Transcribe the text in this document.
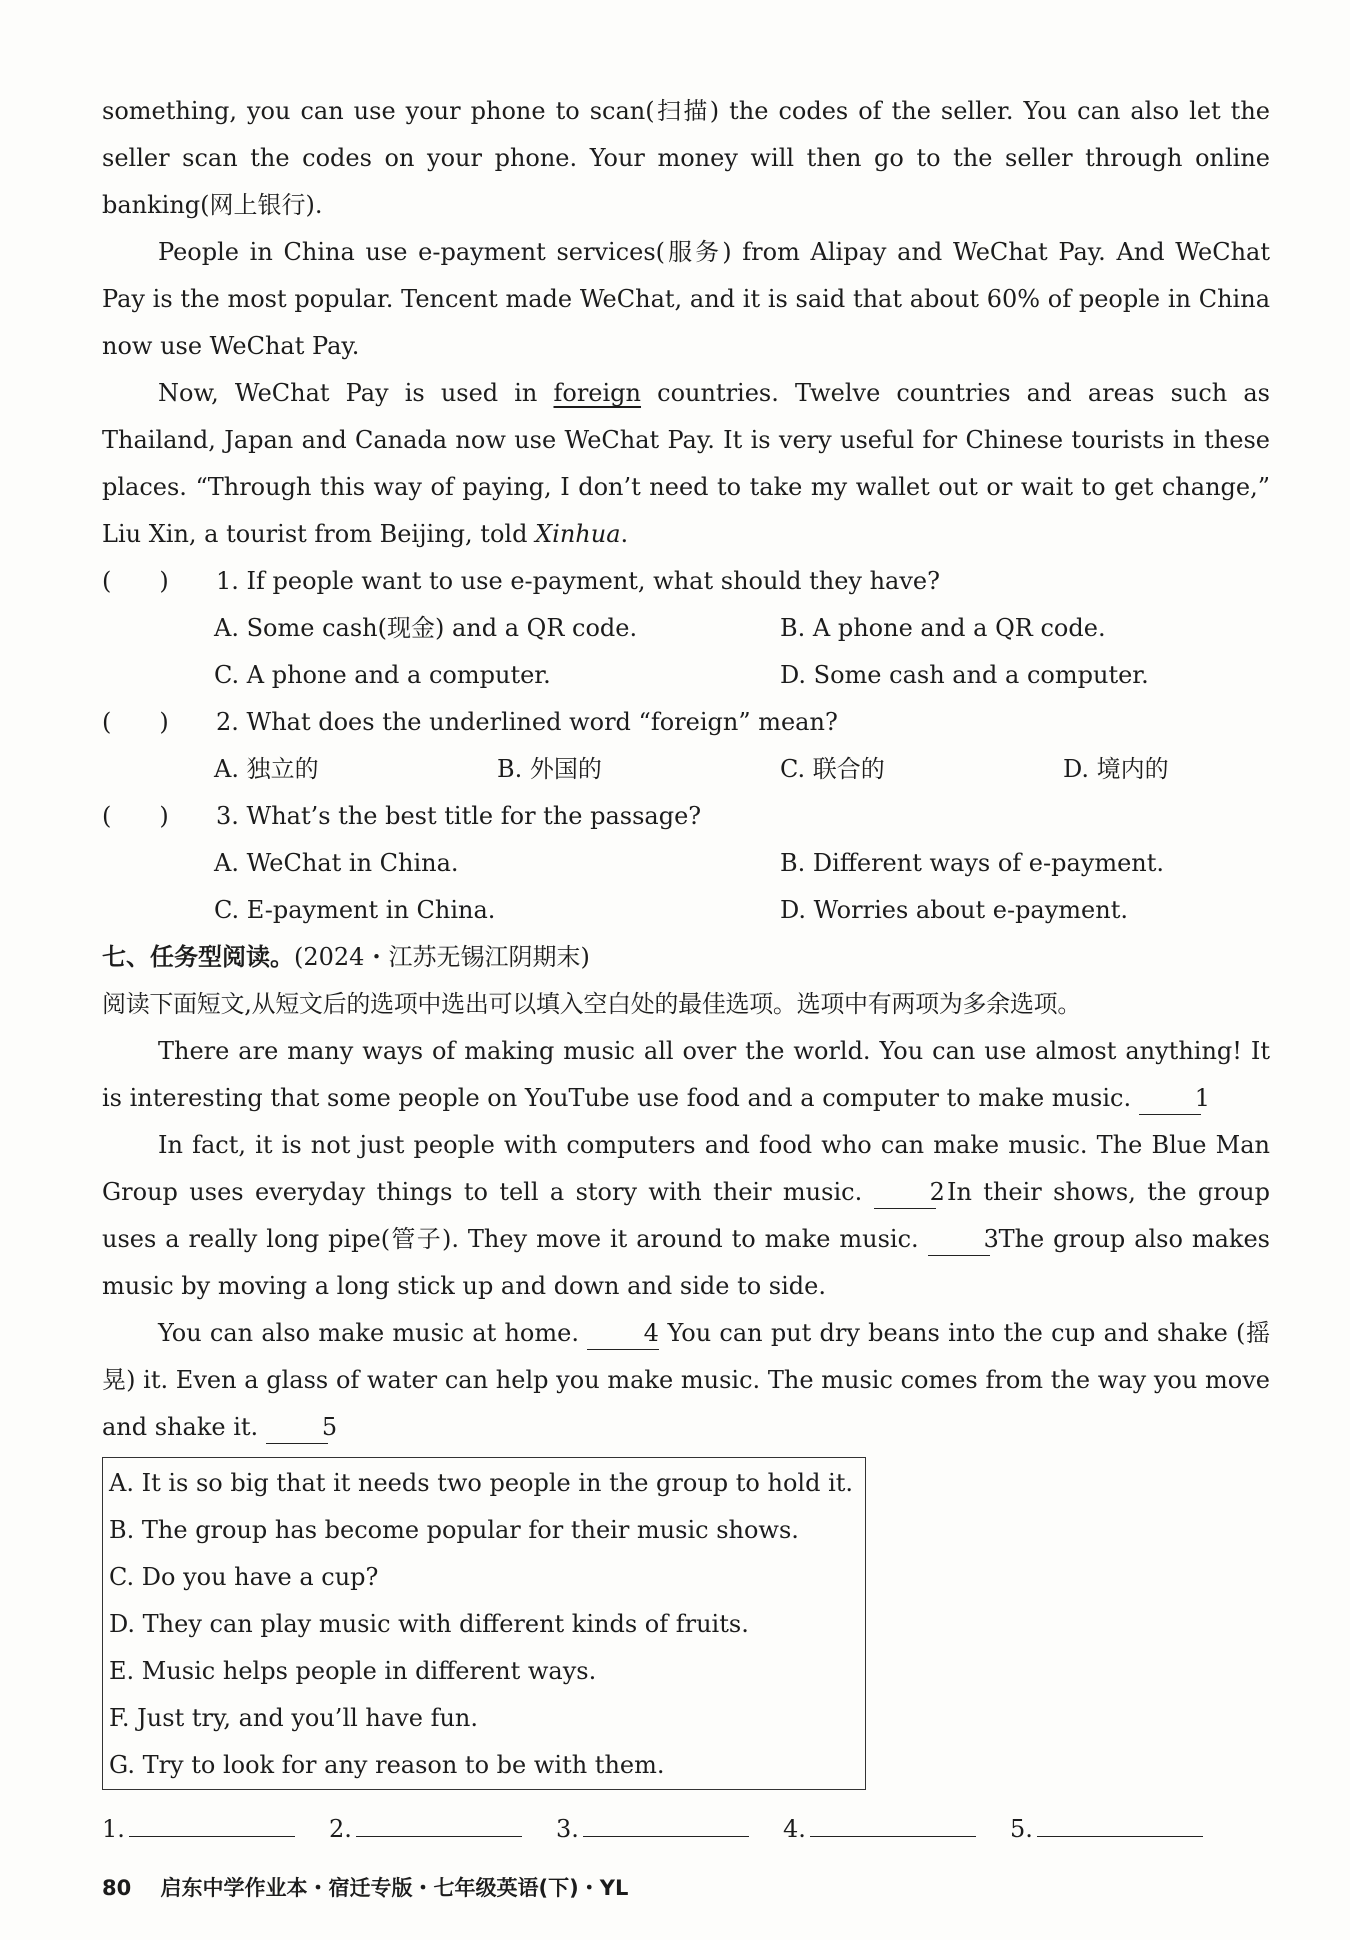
something, you can use your phone to scan(扫描) the codes of the seller. You can also let the seller scan the codes on your phone. Your money will then go to the seller through online banking(网上银行).

People in China use e-payment services(服务) from Alipay and WeChat Pay. And WeChat Pay is the most popular. Tencent made WeChat, and it is said that about 60% of people in China now use WeChat Pay.

Now, WeChat Pay is used in foreign countries. Twelve countries and areas such as Thailand, Japan and Canada now use WeChat Pay. It is very useful for Chinese tourists in these places. “Through this way of paying, I don’t need to take my wallet out or wait to get change,” Liu Xin, a tourist from Beijing, told Xinhua.

(　　)	1. If people want to use e-payment, what should they have?
A. Some cash(现金) and a QR code.	B. A phone and a QR code.
C. A phone and a computer.	D. Some cash and a computer.
(　　)	2. What does the underlined word “foreign” mean?
A. 独立的	B. 外国的	C. 联合的	D. 境内的
(　　)	3. What’s the best title for the passage?
A. WeChat in China.	B. Different ways of e-payment.
C. E-payment in China.	D. Worries about e-payment.
七、任务型阅读。(2024・江苏无锡江阴期末)
阅读下面短文,从短文后的选项中选出可以填入空白处的最佳选项。选项中有两项为多余选项。

There are many ways of making music all over the world. You can use almost anything! It is interesting that some people on YouTube use food and a computer to make music.	1

In fact, it is not just people with computers and food who can make music. The Blue Man Group uses everyday things to tell a story with their music.	2 In their shows, the group uses a really long pipe(管子). They move it around to make music.	3 The group also makes music by moving a long stick up and down and side to side.

You can also make music at home.	4 You can put dry beans into the cup and shake (摇晃) it. Even a glass of water can help you make music. The music comes from the way you move and shake it.	5

A. It is so big that it needs two people in the group to hold it.
B. The group has become popular for their music shows.
C. Do you have a cup?
D. They can play music with different kinds of fruits.
E. Music helps people in different ways.
F. Just try, and you’ll have fun.
G. Try to look for any reason to be with them.
1.	2.	3.	4.	5.
80 启东中学作业本・宿迁专版・七年级英语(下)・YL
